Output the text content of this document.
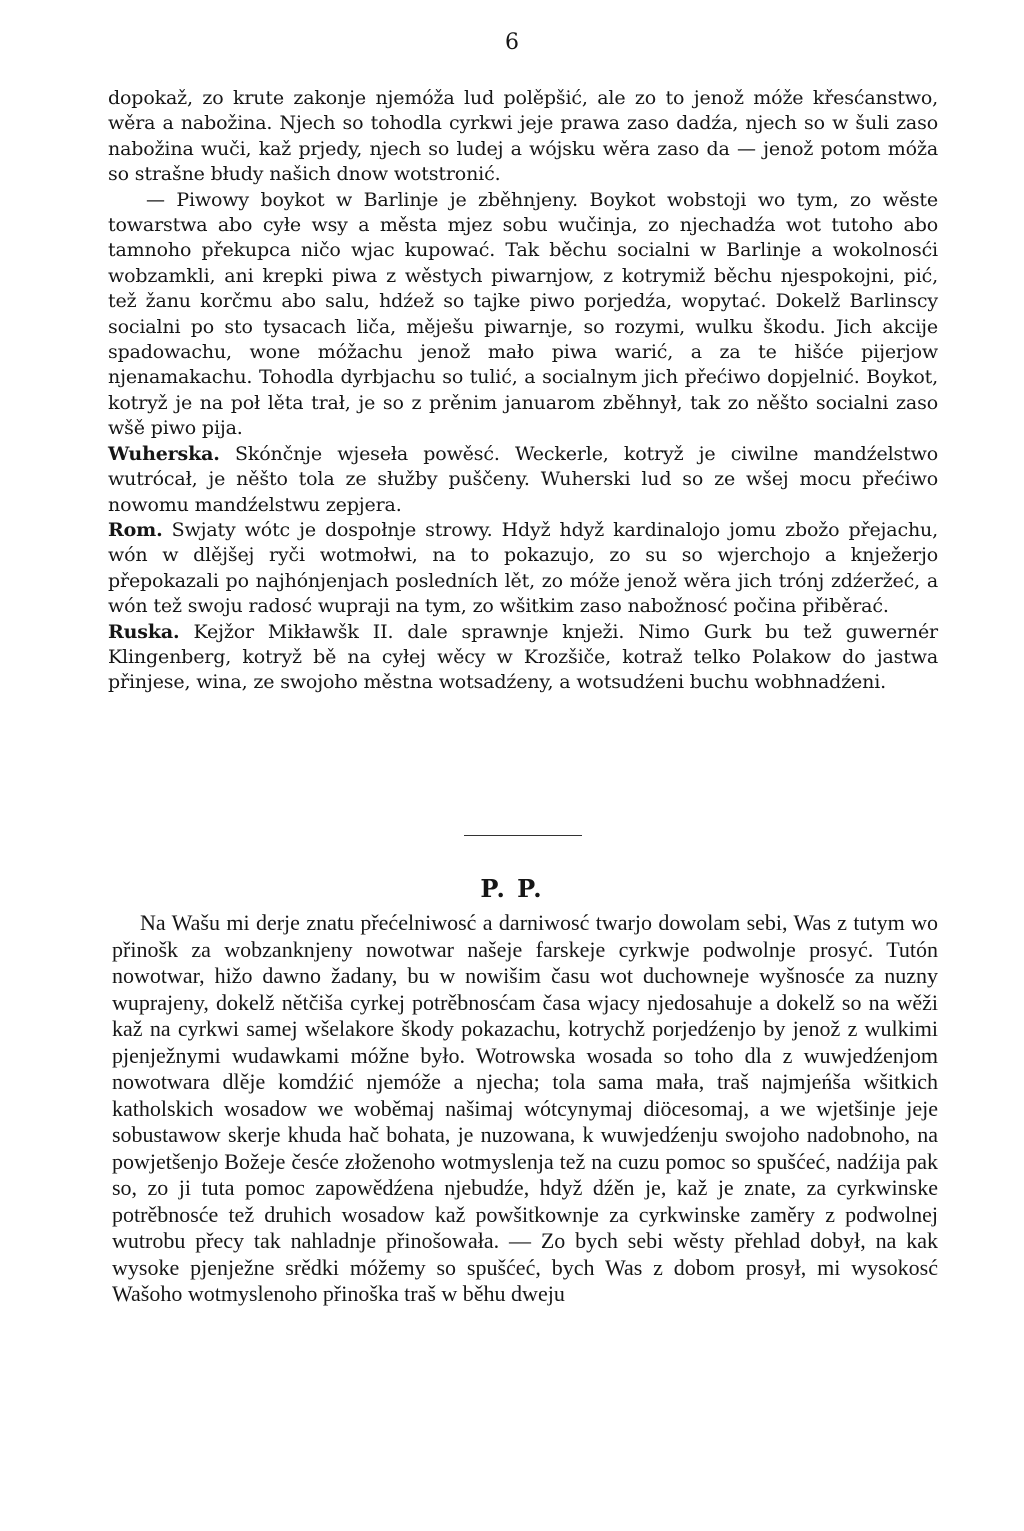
6

dopokaž, zo krute zakonje njemóža lud polěpšić, ale zo to jenož móže křesćanstwo, wěra a nabožina. Njech so tohodla cyrkwi jeje prawa zaso dadźa, njech so w šuli zaso nabožina wuči, kaž prjedy, njech so ludej a wójsku wěra zaso da — jenož potom móža so strašne błudy našich dnow wotstronić.

— Piwowy boykot w Barlinje je zběhnjeny. Boykot wobstoji wo tym, zo wěste towarstwa abo cyłe wsy a města mjez sobu wučinja, zo njechadźa wot tutoho abo tamnoho překupca ničo wjac kupować. Tak běchu socialni w Barlinje a wokolnosći wobzamkli, ani krepki piwa z wěstych piwarnjow, z kotrymiž běchu njespokojni, pić, tež žanu korčmu abo salu, hdźež so tajke piwo porjedźa, wopytać. Dokelž Barlinscy socialni po sto tysacach liča, měješu piwarnje, so rozymi, wulku škodu. Jich akcije spadowachu, wone móžachu jenož mało piwa warić, a za te hišće pijerjow njenamakachu. Tohodla dyrbjachu so tulić, a socialnym jich přećiwo dopjelnić. Boykot, kotryž je na poł lěta trał, je so z prěnim januarom zběhnył, tak zo něšto socialni zaso wšě piwo pija.

Wuherska. Skónčnje wjeseła powěsć. Weckerle, kotryž je ciwilne mandźelstwo wutrócał, je něšto tola ze słužby puščeny. Wuherski lud so ze wšej mocu přećiwo nowomu mandźelstwu zepjera.

Rom. Swjaty wótc je dospołnje strowy. Hdyž hdyž kardinalojo jomu zbožo přejachu, wón w dlějšej ryči wotmołwi, na to pokazujo, zo su so wjerchojo a knježerjo přepokazali po najhónjenjach posledních lět, zo móže jenož wěra jich trónj zdźeržeć, a wón tež swoju radosć wupraji na tym, zo wšitkim zaso nabožnosć počina přiběrać.

Ruska. Kejžor Mikławšk II. dale sprawnje knježi. Nimo Gurk bu tež guwernér Klingenberg, kotryž bě na cyłej wěcy w Krozšiče, kotraž telko Polakow do jastwa přinjese, wina, ze swojoho městna wotsadźeny, a wotsudźeni buchu wobhnadźeni.

P. P.

Na Wašu mi derje znatu přećelniwosć a darniwosć twarjo dowolam sebi, Was z tutym wo přinošk za wobzanknjeny nowotwar našeje farskeje cyrkwje podwolnje prosyć. Tutón nowotwar, hižo dawno žadany, bu w nowišim času wot duchowneje wyšnosće za nuzny wuprajeny, dokelž nětčiša cyrkej potrěbnosćam časa wjacy njedosahuje a dokelž so na wěži kaž na cyrkwi samej wšelakore škody pokazachu, kotrychž porjedźenjo by jenož z wulkimi pjenježnymi wudawkami móžne było. Wotrowska wosada so toho dla z wuwjedźenjom nowotwara dlěje komdźić njemóže a njecha; tola sama mała, traš najmjeńša wšitkich katholskich wosadow we woběmaj našimaj wótcynymaj diöcesomaj, a we wjetšinje jeje sobustawow skerje khuda hač bohata, je nuzowana, k wuwjedźenju swojoho nadobnoho, na powjetšenjo Božeje česće złoženoho wotmyslenja tež na cuzu pomoc so spušćeć, nadźija pak so, zo ji tuta pomoc zapowědźena njebudźe, hdyž dźěn je, kaž je znate, za cyrkwinske potrěbnosće tež druhich wosadow kaž powšitkownje za cyrkwinske zaměry z podwolnej wutrobu přecy tak nahladnje přinošowała. — Zo bych sebi wěsty přehlad dobył, na kak wysoke pjenježne srědki móžemy so spušćeć, bych Was z dobom prosył, mi wysokosć Wašoho wotmyslenoho přinoška traš w běhu dweju
